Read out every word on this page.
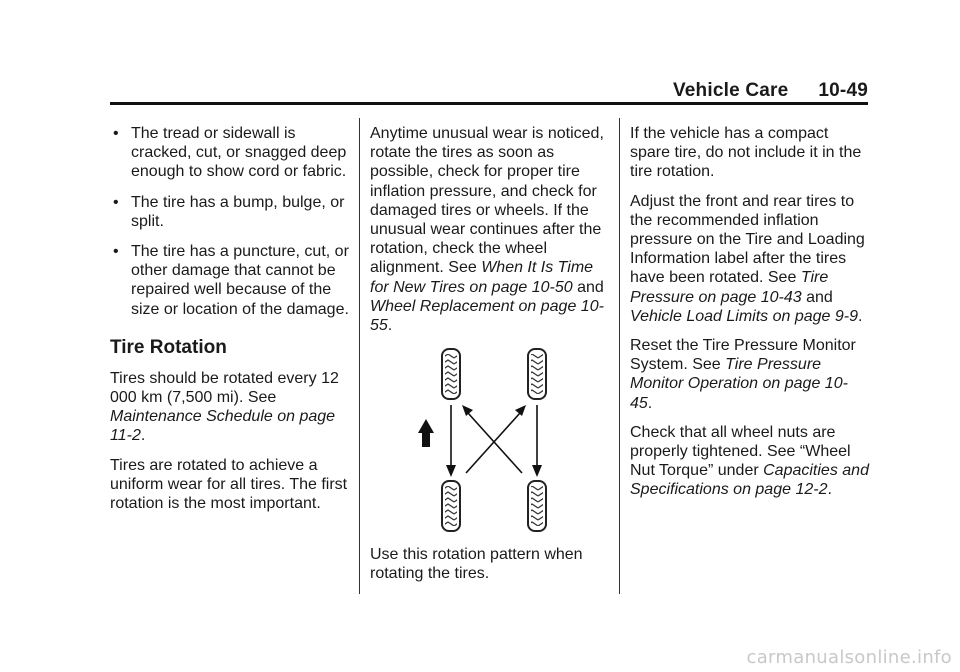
Vehicle Care 10-49
• The tread or sidewall is cracked, cut, or snagged deep enough to show cord or fabric.
• The tire has a bump, bulge, or split.
• The tire has a puncture, cut, or other damage that cannot be repaired well because of the size or location of the damage.
Tire Rotation

Tires should be rotated every 12 000 km (7,500 mi). See Maintenance Schedule on page 11-2.

Tires are rotated to achieve a uniform wear for all tires. The first rotation is the most important.

Anytime unusual wear is noticed, rotate the tires as soon as possible, check for proper tire inflation pressure, and check for damaged tires or wheels. If the unusual wear continues after the rotation, check the wheel alignment. See When It Is Time for New Tires on page 10-50 and Wheel Replacement on page 10-55.

Use this rotation pattern when rotating the tires.

If the vehicle has a compact spare tire, do not include it in the tire rotation.

Adjust the front and rear tires to the recommended inflation pressure on the Tire and Loading Information label after the tires have been rotated. See Tire Pressure on page 10-43 and Vehicle Load Limits on page 9-9.

Reset the Tire Pressure Monitor System. See Tire Pressure Monitor Operation on page 10-45.

Check that all wheel nuts are properly tightened. See “Wheel Nut Torque” under Capacities and Specifications on page 12-2.

carmanualsonline.info
